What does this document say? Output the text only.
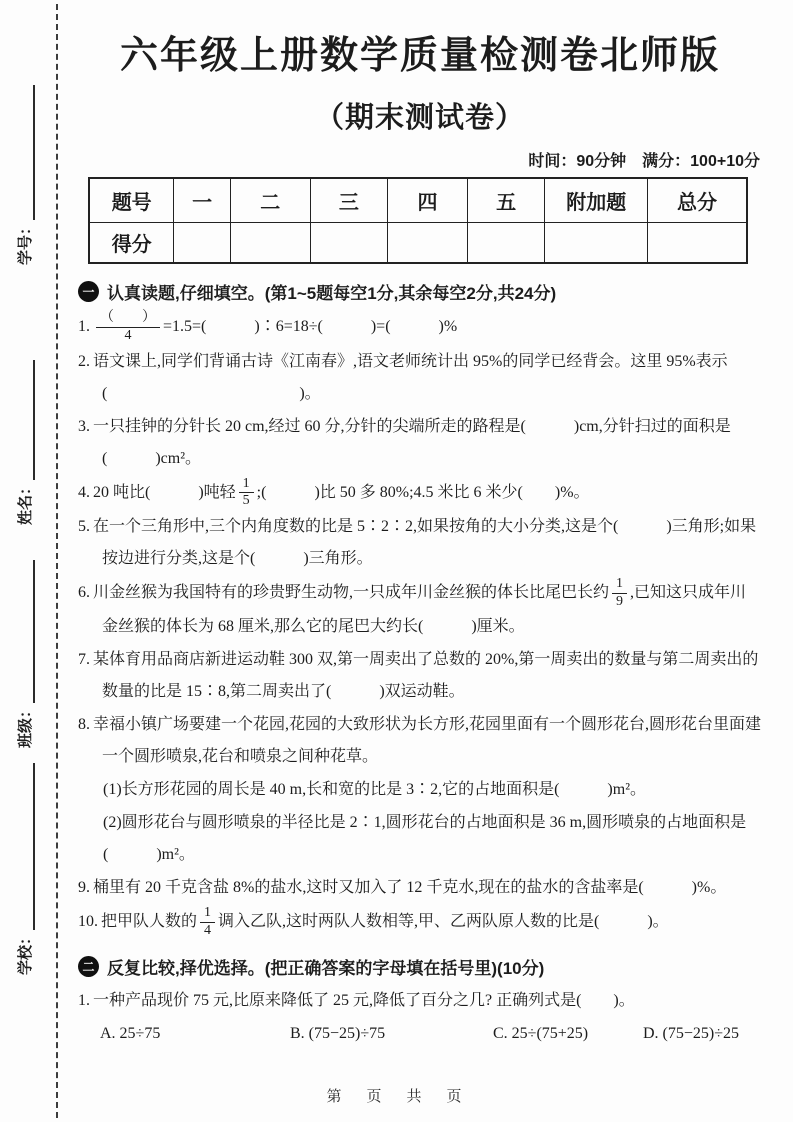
学号：
姓名：
班级：
学校：
六年级上册数学质量检测卷北师版
（期末测试卷）
时间：90分钟　满分：100+10分
题号	一	二	三	四	五	附加题	总分
得分							
一 认真读题,仔细填空。(第1~5题每空1分,其余每空2分,共24分)
1. $\frac{( )}{4} =1.5=$(　　　)∶6=18÷(　　　)=(　　　)%
2. 语文课上,同学们背诵古诗《江南春》,语文老师统计出 95%的同学已经背会。这里 95%表示(　　　　　　　　　　　　)。
3. 一只挂钟的分针长 20 cm,经过 60 分,分针的尖端所走的路程是(　　　)cm,分针扫过的面积是(　　　)cm²。
4. 20 吨比(　　　)吨轻 $\frac{1}{5}$ ;(　　　)比 50 多 80%;4.5 米比 6 米少(　　)%。
5. 在一个三角形中,三个内角度数的比是 5∶2∶2,如果按角的大小分类,这是个(　　　)三角形;如果按边进行分类,这是个(　　　)三角形。
6. 川金丝猴为我国特有的珍贵野生动物,一只成年川金丝猴的体长比尾巴长约 $\frac{1}{9}$ ,已知这只成年川金丝猴的体长为 68 厘米,那么它的尾巴大约长(　　　)厘米。
7. 某体育用品商店新进运动鞋 300 双,第一周卖出了总数的 20%,第一周卖出的数量与第二周卖出的数量的比是 15∶8,第二周卖出了(　　　)双运动鞋。
8. 幸福小镇广场要建一个花园,花园的大致形状为长方形,花园里面有一个圆形花台,圆形花台里面建一个圆形喷泉,花台和喷泉之间种花草。
(1)长方形花园的周长是 40 m,长和宽的比是 3∶2,它的占地面积是(　　　)m²。
(2)圆形花台与圆形喷泉的半径比是 2∶1,圆形花台的占地面积是 36 m,圆形喷泉的占地面积是(　　　)m²。
9. 桶里有 20 千克含盐 8%的盐水,这时又加入了 12 千克水,现在的盐水的含盐率是(　　　)%。
10. 把甲队人数的 $\frac{1}{4}$ 调入乙队,这时两队人数相等,甲、乙两队原人数的比是(　　　)。
二 反复比较,择优选择。(把正确答案的字母填在括号里)(10分)
1. 一种产品现价 75 元,比原来降低了 25 元,降低了百分之几? 正确列式是(　　)。
A. 25÷75	B. (75−25)÷75	C. 25÷(75+25)	D. (75−25)÷25
第　页　共　页
